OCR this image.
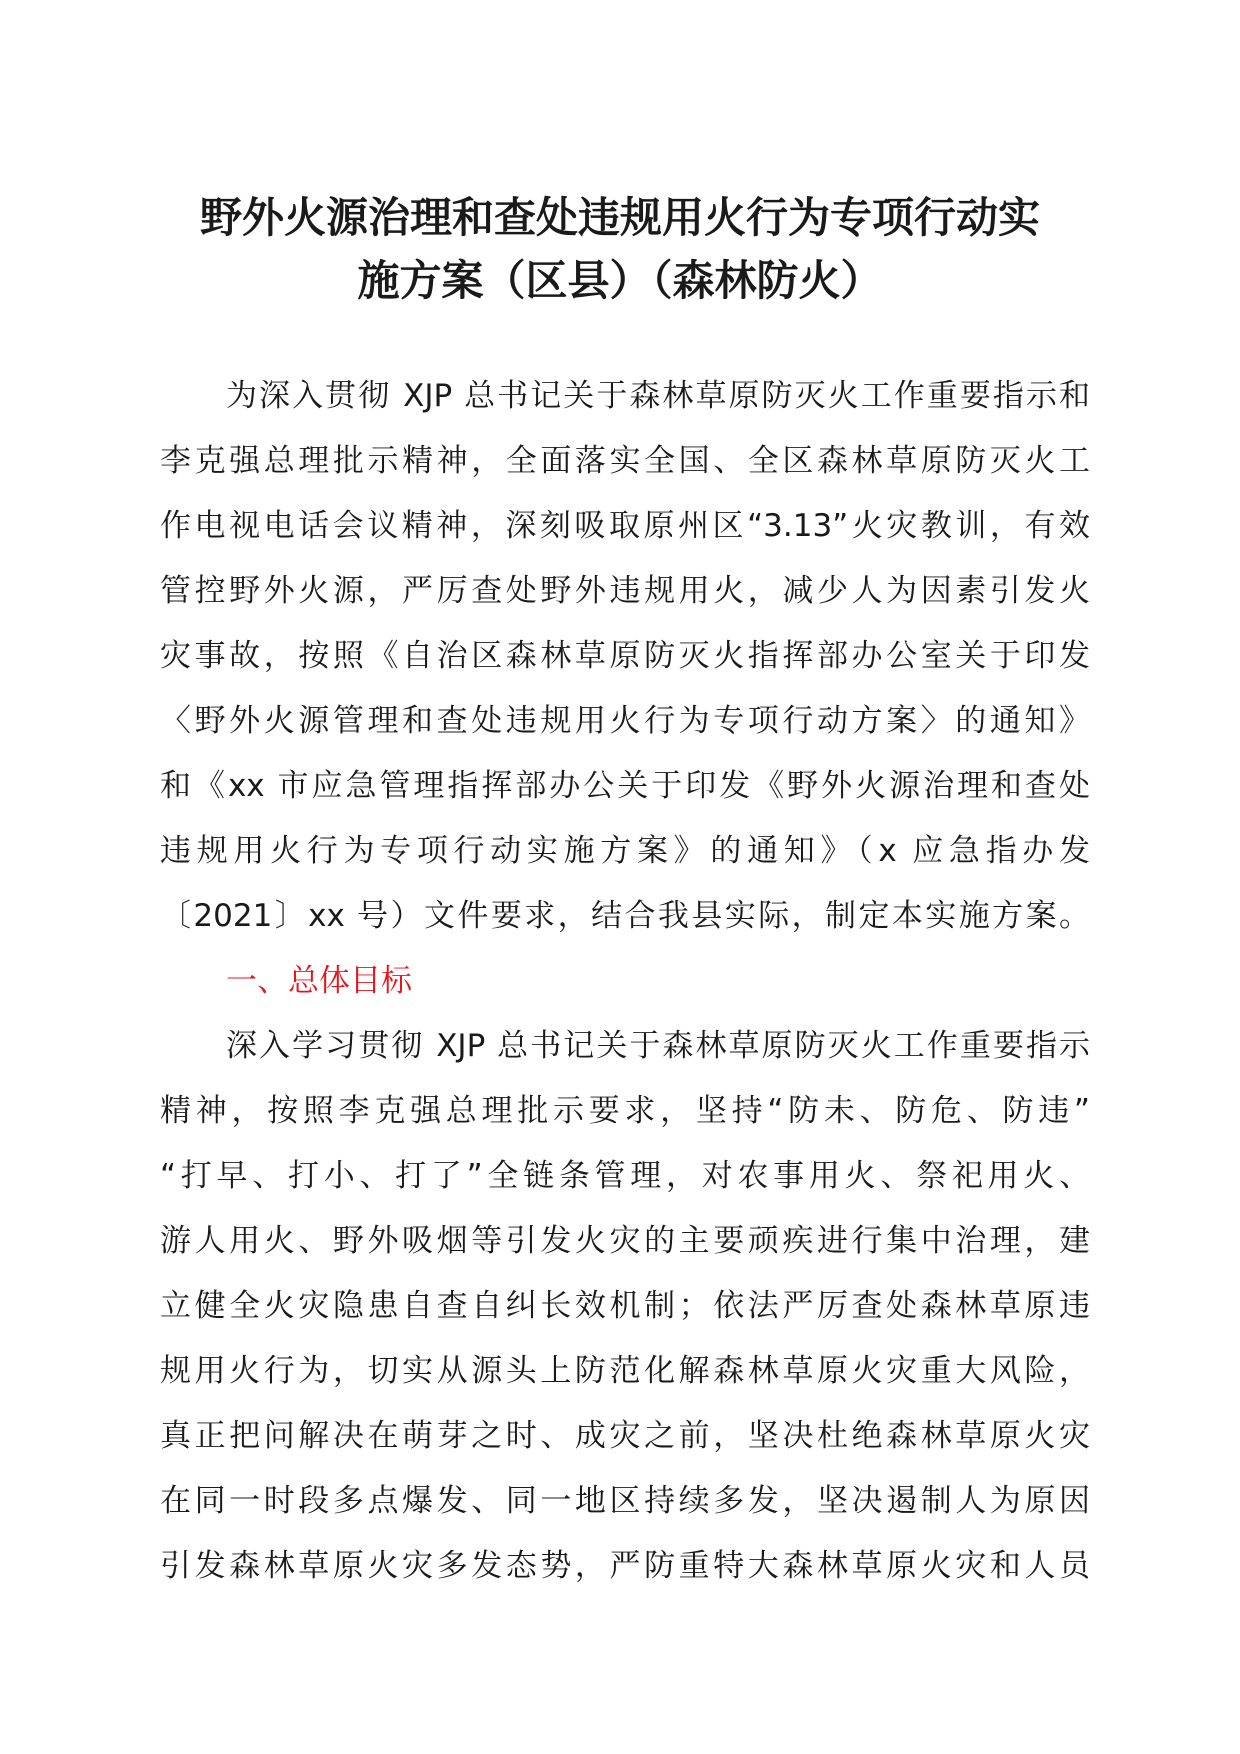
野外火源治理和查处违规用火行为专项行动实
施方案（区县）（森林防火）
为深入贯彻 XJP 总书记关于森林草原防灭火工作重要指示和
李克强总理批示精神，全面落实全国、全区森林草原防灭火工
作电视电话会议精神，深刻吸取原州区“3.13”火灾教训，有效
管控野外火源，严厉查处野外违规用火，减少人为因素引发火
灾事故，按照《自治区森林草原防灭火指挥部办公室关于印发
〈野外火源管理和查处违规用火行为专项行动方案〉的通知》
和《xx 市应急管理指挥部办公关于印发《野外火源治理和查处
违规用火行为专项行动实施方案》的通知》（x 应急指办发
〔2021〕xx 号）文件要求，结合我县实际，制定本实施方案。
一、总体目标
深入学习贯彻 XJP 总书记关于森林草原防灭火工作重要指示
精神，按照李克强总理批示要求，坚持“防未、防危、防违”
“打早、打小、打了”全链条管理，对农事用火、祭祀用火、
游人用火、野外吸烟等引发火灾的主要顽疾进行集中治理，建
立健全火灾隐患自查自纠长效机制；依法严厉查处森林草原违
规用火行为，切实从源头上防范化解森林草原火灾重大风险，
真正把问解决在萌芽之时、成灾之前，坚决杜绝森林草原火灾
在同一时段多点爆发、同一地区持续多发，坚决遏制人为原因
引发森林草原火灾多发态势，严防重特大森林草原火灾和人员
